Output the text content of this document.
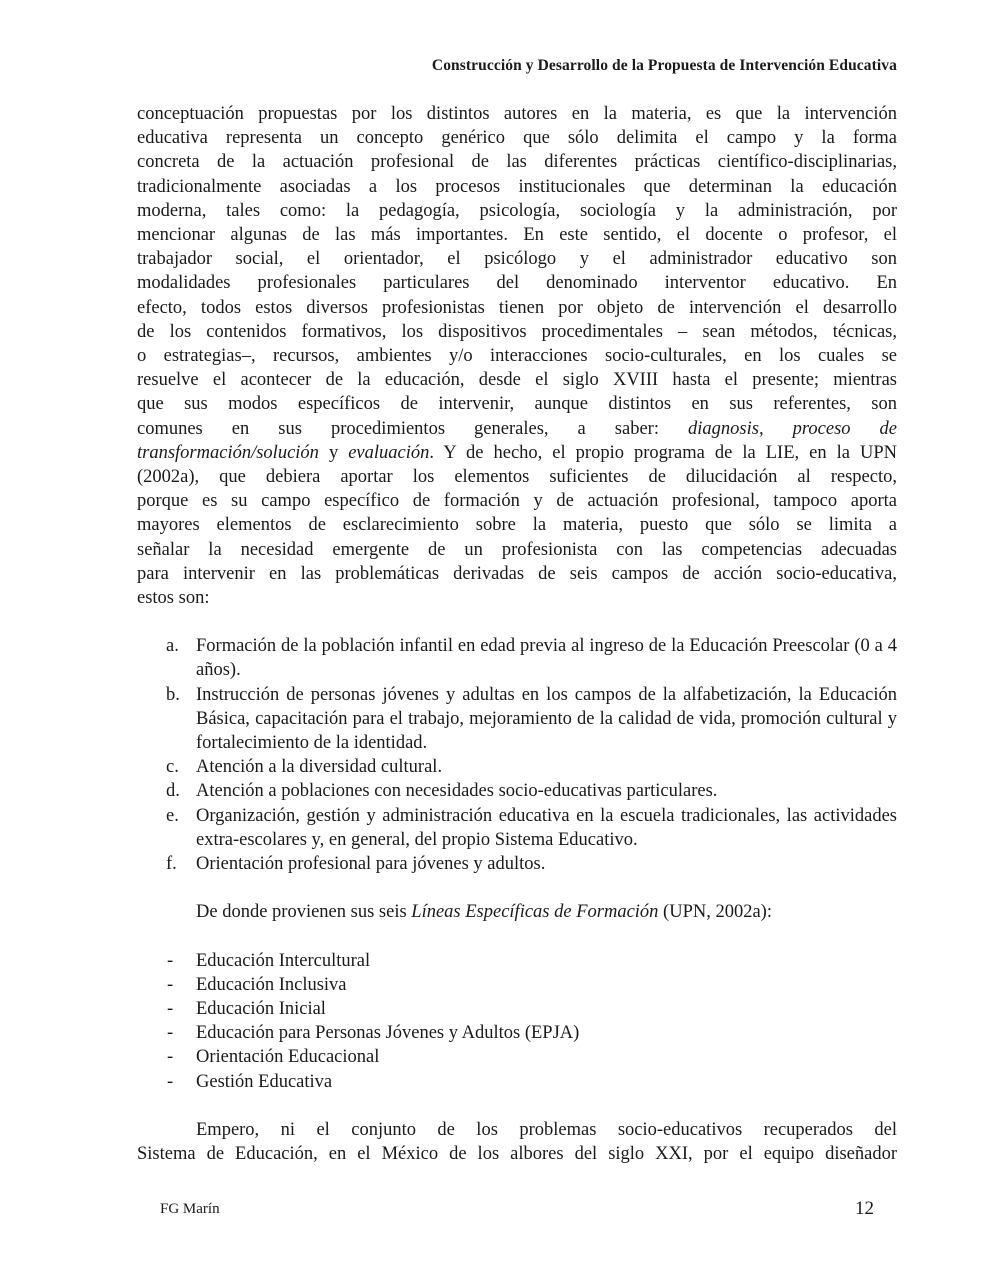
Construcción y Desarrollo de la Propuesta de Intervención Educativa
conceptuación propuestas por los distintos autores en la materia, es que la intervención
educativa representa un concepto genérico que sólo delimita el campo y la forma
concreta de la actuación profesional de las diferentes prácticas científico-disciplinarias,
tradicionalmente asociadas a los procesos institucionales que determinan la educación
moderna, tales como: la pedagogía, psicología, sociología y la administración, por
mencionar algunas de las más importantes. En este sentido, el docente o profesor, el
trabajador social, el orientador, el psicólogo y el administrador educativo son
modalidades profesionales particulares del denominado interventor educativo. En
efecto, todos estos diversos profesionistas tienen por objeto de intervención el desarrollo
de los contenidos formativos, los dispositivos procedimentales – sean métodos, técnicas,
o estrategias–, recursos, ambientes y/o interacciones socio-culturales, en los cuales se
resuelve el acontecer de la educación, desde el siglo XVIII hasta el presente; mientras
que sus modos específicos de intervenir, aunque distintos en sus referentes, son
comunes en sus procedimientos generales, a saber: diagnosis, proceso de
transformación/solución y evaluación. Y de hecho, el propio programa de la LIE, en la UPN
(2002a), que debiera aportar los elementos suficientes de dilucidación al respecto,
porque es su campo específico de formación y de actuación profesional, tampoco aporta
mayores elementos de esclarecimiento sobre la materia, puesto que sólo se limita a
señalar la necesidad emergente de un profesionista con las competencias adecuadas
para intervenir en las problemáticas derivadas de seis campos de acción socio-educativa,
estos son:
a. Formación de la población infantil en edad previa al ingreso de la Educación Preescolar (0 a 4 años).
b. Instrucción de personas jóvenes y adultas en los campos de la alfabetización, la Educación Básica, capacitación para el trabajo, mejoramiento de la calidad de vida, promoción cultural y fortalecimiento de la identidad.
c. Atención a la diversidad cultural.
d. Atención a poblaciones con necesidades socio-educativas particulares.
e. Organización, gestión y administración educativa en la escuela tradicionales, las actividades extra-escolares y, en general, del propio Sistema Educativo.
f. Orientación profesional para jóvenes y adultos.
De donde provienen sus seis Líneas Específicas de Formación (UPN, 2002a):
- Educación Intercultural
- Educación Inclusiva
- Educación Inicial
- Educación para Personas Jóvenes y Adultos (EPJA)
- Orientación Educacional
- Gestión Educativa
Empero, ni el conjunto de los problemas socio-educativos recuperados del
Sistema de Educación, en el México de los albores del siglo XXI, por el equipo diseñador
FG Marín	12
